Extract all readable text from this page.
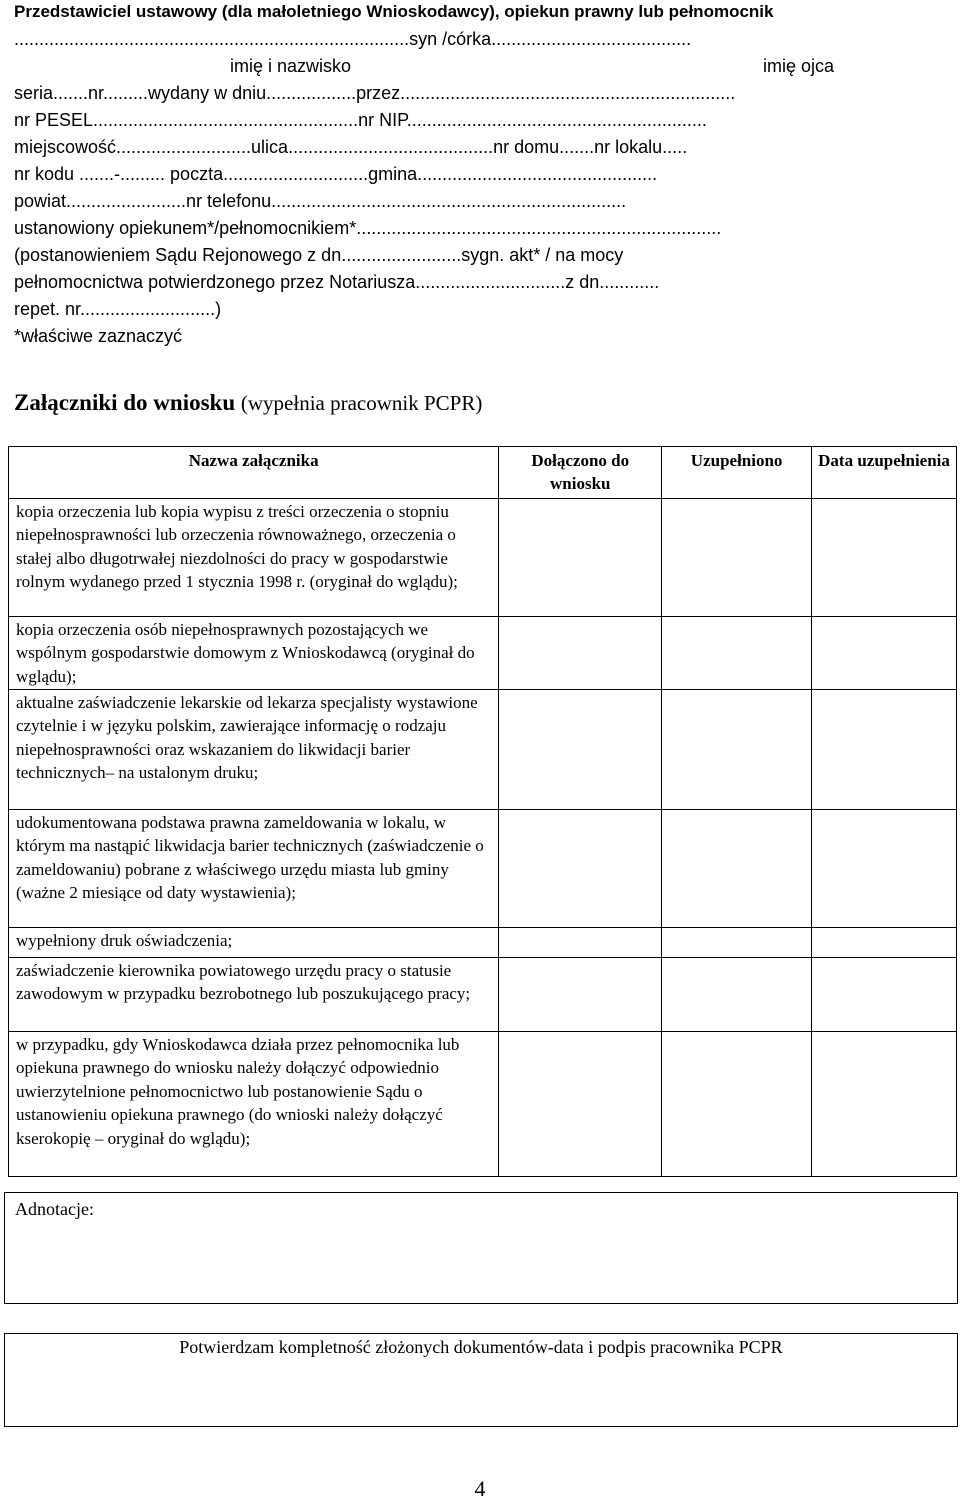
Przedstawiciel ustawowy (dla małoletniego Wnioskodawcy), opiekun prawny lub pełnomocnik
...............................................................................syn /córka........................................
imię i nazwisko	imię ojca
seria.......nr.........wydany w dniu..................przez...................................................................
nr PESEL.....................................................nr NIP............................................................
miejscowość...........................ulica.........................................nr domu.......nr lokalu.....
nr kodu .......-......... poczta.............................gmina................................................
powiat........................nr telefonu.......................................................................
ustanowiony opiekunem*/pełnomocnikiem*.........................................................................
(postanowieniem Sądu Rejonowego z dn........................sygn. akt* / na mocy
pełnomocnictwa potwierdzonego przez Notariusza..............................z dn............
repet. nr...........................)
*właściwe zaznaczyć
Załączniki do wniosku (wypełnia pracownik PCPR)
Nazwa załącznika	Dołączono do wniosku	Uzupełniono	Data uzupełnienia
kopia orzeczenia lub kopia wypisu z treści orzeczenia o stopniu niepełnosprawności lub orzeczenia równoważnego, orzeczenia o stałej albo długotrwałej niezdolności do pracy w gospodarstwie rolnym wydanego przed 1 stycznia 1998 r. (oryginał do wglądu);			
kopia orzeczenia osób niepełnosprawnych pozostających we wspólnym gospodarstwie domowym z Wnioskodawcą (oryginał do wglądu);			
aktualne zaświadczenie lekarskie od lekarza specjalisty wystawione czytelnie i w języku polskim, zawierające informację o rodzaju niepełnosprawności oraz wskazaniem do likwidacji barier technicznych– na ustalonym druku;			
udokumentowana podstawa prawna zameldowania w lokalu, w którym ma nastąpić likwidacja barier technicznych (zaświadczenie o zameldowaniu) pobrane z właściwego urzędu miasta lub gminy (ważne 2 miesiące od daty wystawienia);			
wypełniony druk oświadczenia;			
zaświadczenie kierownika powiatowego urzędu pracy o statusie zawodowym w przypadku bezrobotnego lub poszukującego pracy;			
w przypadku, gdy Wnioskodawca działa przez pełnomocnika lub opiekuna prawnego do wniosku należy dołączyć odpowiednio uwierzytelnione pełnomocnictwo lub postanowienie Sądu o ustanowieniu opiekuna prawnego (do wnioski należy dołączyć kserokopię – oryginał do wglądu);			
Adnotacje:
Potwierdzam kompletność złożonych dokumentów-data i podpis pracownika PCPR
4
